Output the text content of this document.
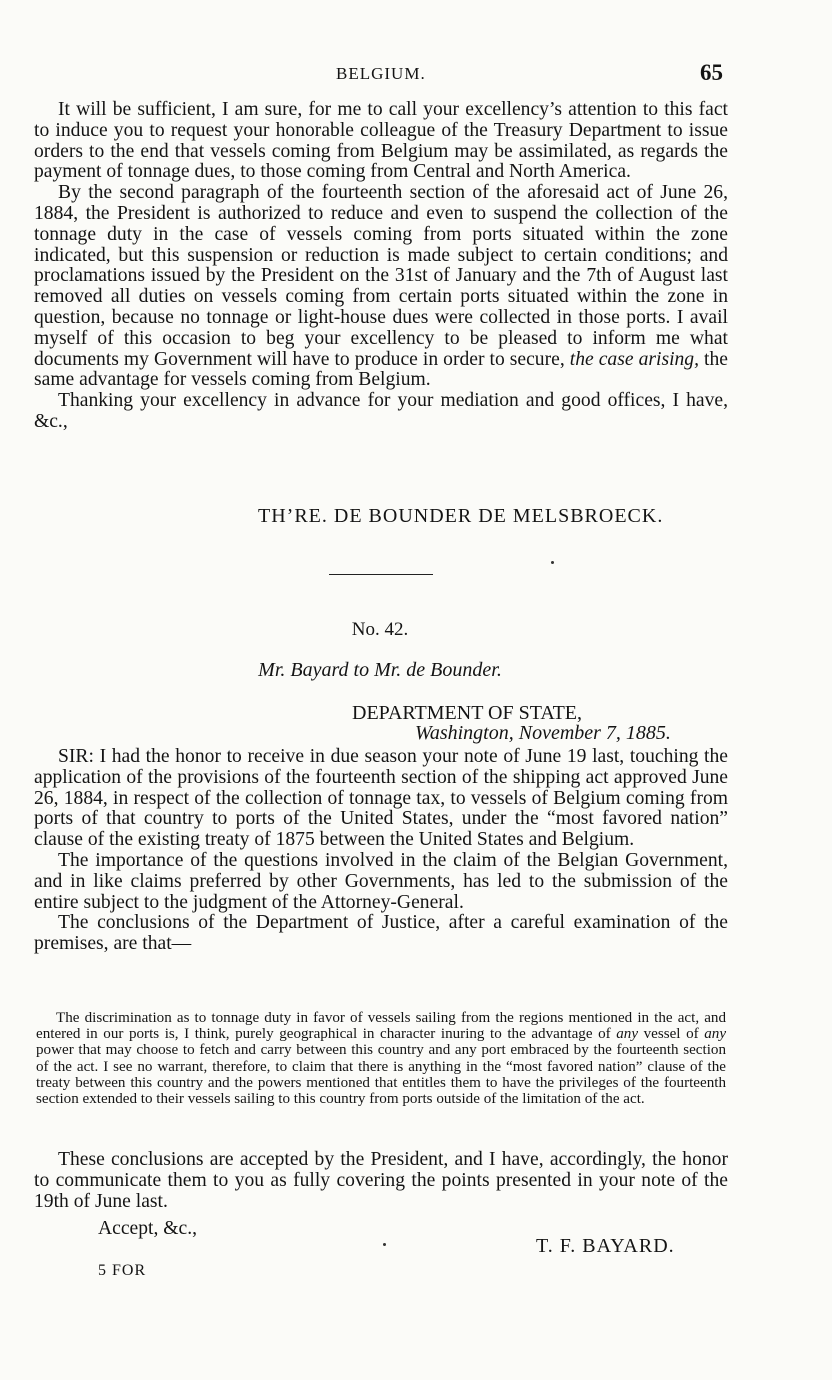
BELGIUM.	65

It will be sufficient, I am sure, for me to call your excellency’s attention to this fact to induce you to request your honorable colleague of the Treasury Department to issue orders to the end that vessels coming from Belgium may be assimilated, as regards the payment of tonnage dues, to those coming from Central and North America.

By the second paragraph of the fourteenth section of the aforesaid act of June 26, 1884, the President is authorized to reduce and even to suspend the collection of the tonnage duty in the case of vessels coming from ports situated within the zone indicated, but this suspension or reduction is made subject to certain conditions; and proclamations issued by the President on the 31st of January and the 7th of August last removed all duties on vessels coming from certain ports situated within the zone in question, because no tonnage or light-house dues were collected in those ports. I avail myself of this occasion to beg your excellency to be pleased to inform me what documents my Government will have to produce in order to secure, the case arising, the same advantage for vessels coming from Belgium.

Thanking your excellency in advance for your mediation and good offices, I have, &c.,

TH’RE. DE BOUNDER DE MELSBROECK.
No. 42.
Mr. Bayard to Mr. de Bounder.
DEPARTMENT OF STATE,
Washington, November 7, 1885.

SIR: I had the honor to receive in due season your note of June 19 last, touching the application of the provisions of the fourteenth section of the shipping act approved June 26, 1884, in respect of the collection of tonnage tax, to vessels of Belgium coming from ports of that country to ports of the United States, under the “most favored nation” clause of the existing treaty of 1875 between the United States and Belgium.

The importance of the questions involved in the claim of the Belgian Government, and in like claims preferred by other Governments, has led to the submission of the entire subject to the judgment of the Attorney-General.

The conclusions of the Department of Justice, after a careful examination of the premises, are that—

The discrimination as to tonnage duty in favor of vessels sailing from the regions mentioned in the act, and entered in our ports is, I think, purely geographical in character inuring to the advantage of any vessel of any power that may choose to fetch and carry between this country and any port embraced by the fourteenth section of the act. I see no warrant, therefore, to claim that there is anything in the “most favored nation” clause of the treaty between this country and the powers mentioned that entitles them to have the privileges of the fourteenth section extended to their vessels sailing to this country from ports outside of the limitation of the act.

These conclusions are accepted by the President, and I have, accordingly, the honor to communicate them to you as fully covering the points presented in your note of the 19th of June last.

Accept, &c.,
T. F. BAYARD.
5 FOR
